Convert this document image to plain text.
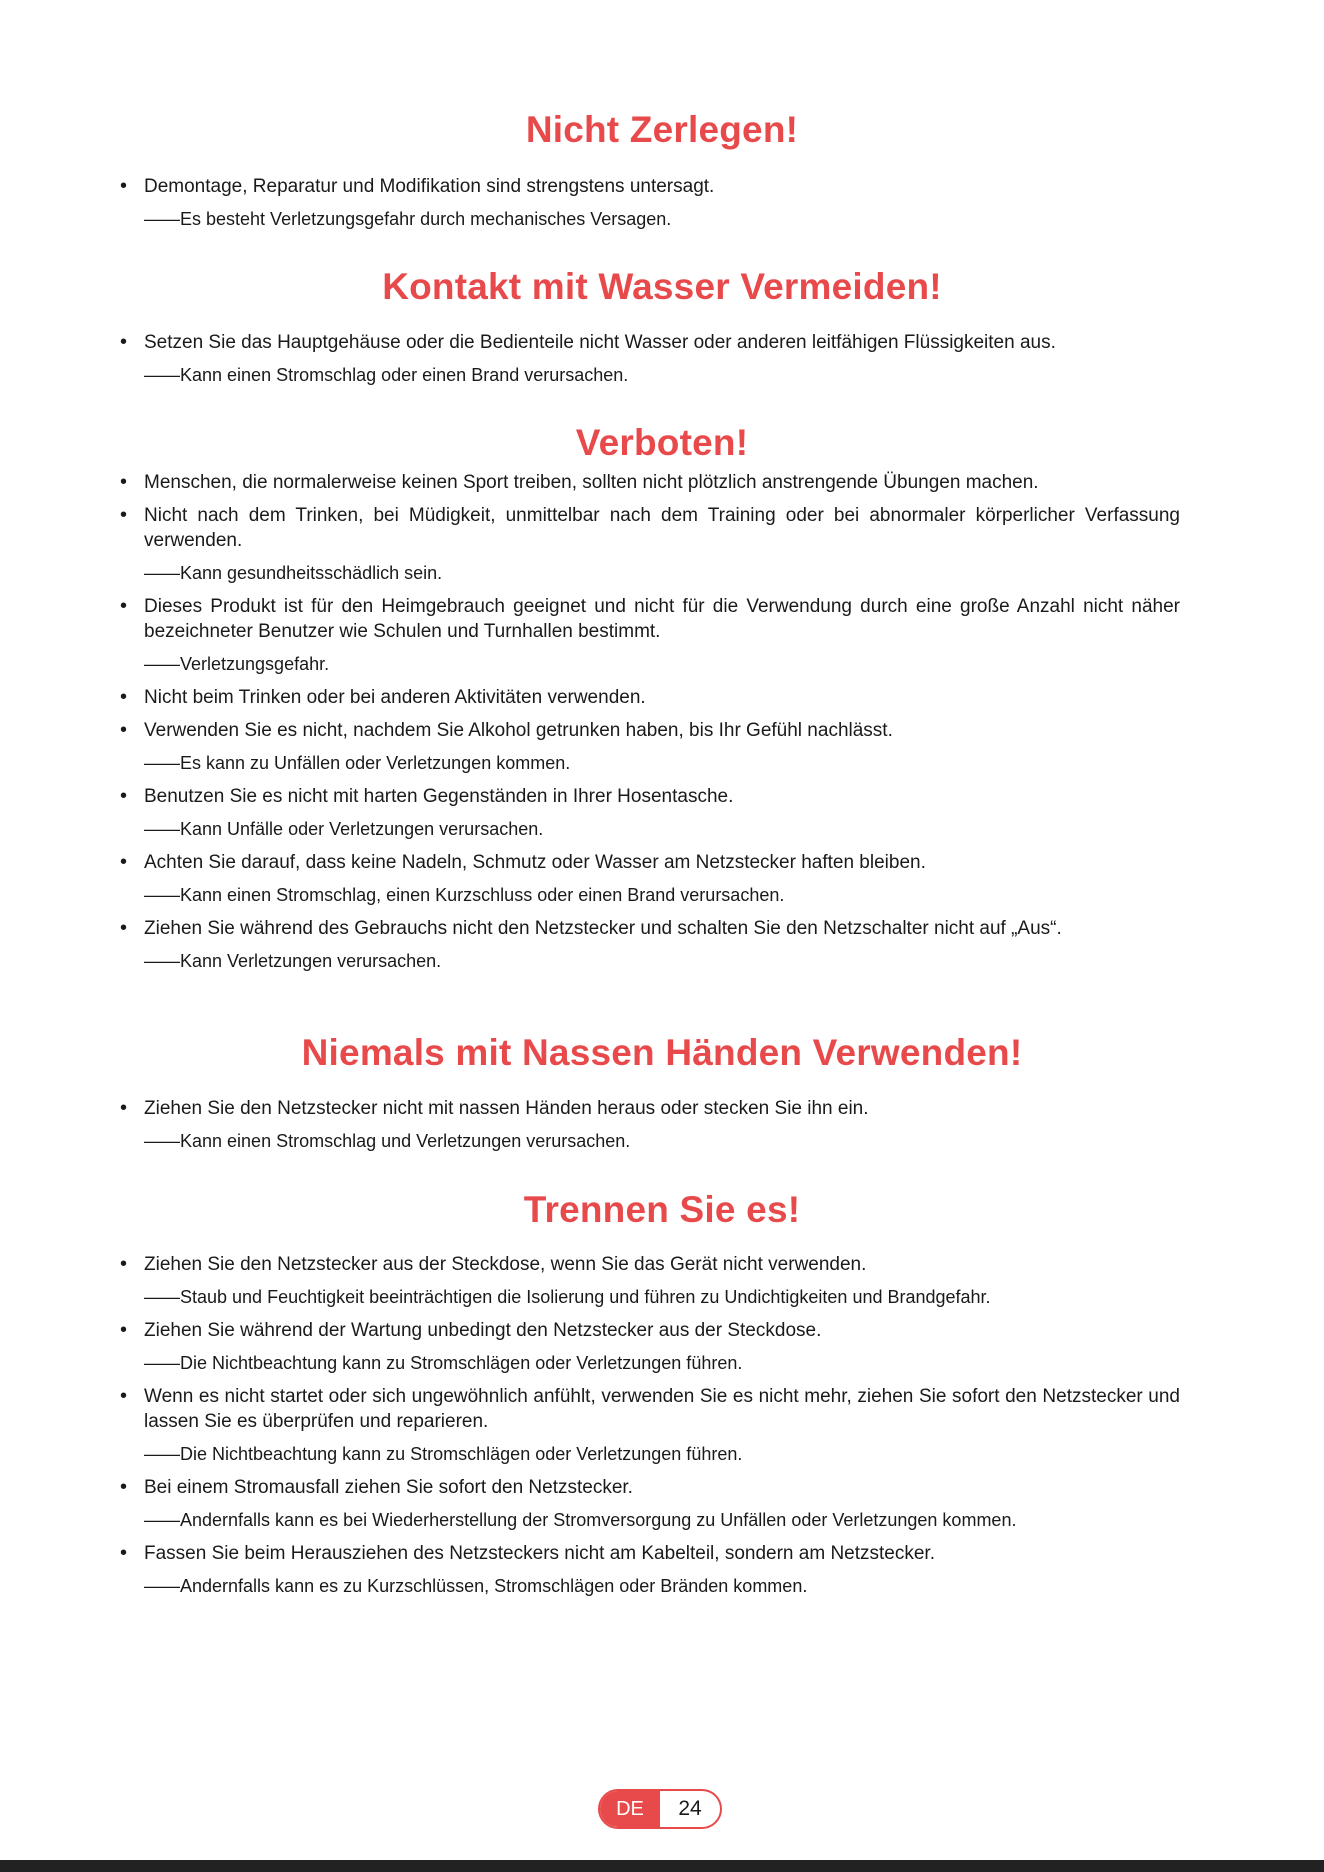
Nicht Zerlegen!
• Demontage, Reparatur und Modifikation sind strengstens untersagt.
——Es besteht Verletzungsgefahr durch mechanisches Versagen.
Kontakt mit Wasser Vermeiden!
• Setzen Sie das Hauptgehäuse oder die Bedienteile nicht Wasser oder anderen leitfähigen Flüssigkeiten aus.
——Kann einen Stromschlag oder einen Brand verursachen.
Verboten!
• Menschen, die normalerweise keinen Sport treiben, sollten nicht plötzlich anstrengende Übungen machen.
• Nicht nach dem Trinken, bei Müdigkeit, unmittelbar nach dem Training oder bei abnormaler körperlicher Verfassung verwenden.
——Kann gesundheitsschädlich sein.
• Dieses Produkt ist für den Heimgebrauch geeignet und nicht für die Verwendung durch eine große Anzahl nicht näher bezeichneter Benutzer wie Schulen und Turnhallen bestimmt.
——Verletzungsgefahr.
• Nicht beim Trinken oder bei anderen Aktivitäten verwenden.
• Verwenden Sie es nicht, nachdem Sie Alkohol getrunken haben, bis Ihr Gefühl nachlässt.
——Es kann zu Unfällen oder Verletzungen kommen.
• Benutzen Sie es nicht mit harten Gegenständen in Ihrer Hosentasche.
——Kann Unfälle oder Verletzungen verursachen.
• Achten Sie darauf, dass keine Nadeln, Schmutz oder Wasser am Netzstecker haften bleiben.
——Kann einen Stromschlag, einen Kurzschluss oder einen Brand verursachen.
• Ziehen Sie während des Gebrauchs nicht den Netzstecker und schalten Sie den Netzschalter nicht auf „Aus“.
——Kann Verletzungen verursachen.
Niemals mit Nassen Händen Verwenden!
• Ziehen Sie den Netzstecker nicht mit nassen Händen heraus oder stecken Sie ihn ein.
——Kann einen Stromschlag und Verletzungen verursachen.
Trennen Sie es!
• Ziehen Sie den Netzstecker aus der Steckdose, wenn Sie das Gerät nicht verwenden.
——Staub und Feuchtigkeit beeinträchtigen die Isolierung und führen zu Undichtigkeiten und Brandgefahr.
• Ziehen Sie während der Wartung unbedingt den Netzstecker aus der Steckdose.
——Die Nichtbeachtung kann zu Stromschlägen oder Verletzungen führen.
• Wenn es nicht startet oder sich ungewöhnlich anfühlt, verwenden Sie es nicht mehr, ziehen Sie sofort den Netzstecker und lassen Sie es überprüfen und reparieren.
——Die Nichtbeachtung kann zu Stromschlägen oder Verletzungen führen.
• Bei einem Stromausfall ziehen Sie sofort den Netzstecker.
——Andernfalls kann es bei Wiederherstellung der Stromversorgung zu Unfällen oder Verletzungen kommen.
• Fassen Sie beim Herausziehen des Netzsteckers nicht am Kabelteil, sondern am Netzstecker.
——Andernfalls kann es zu Kurzschlüssen, Stromschlägen oder Bränden kommen.
DE	24
